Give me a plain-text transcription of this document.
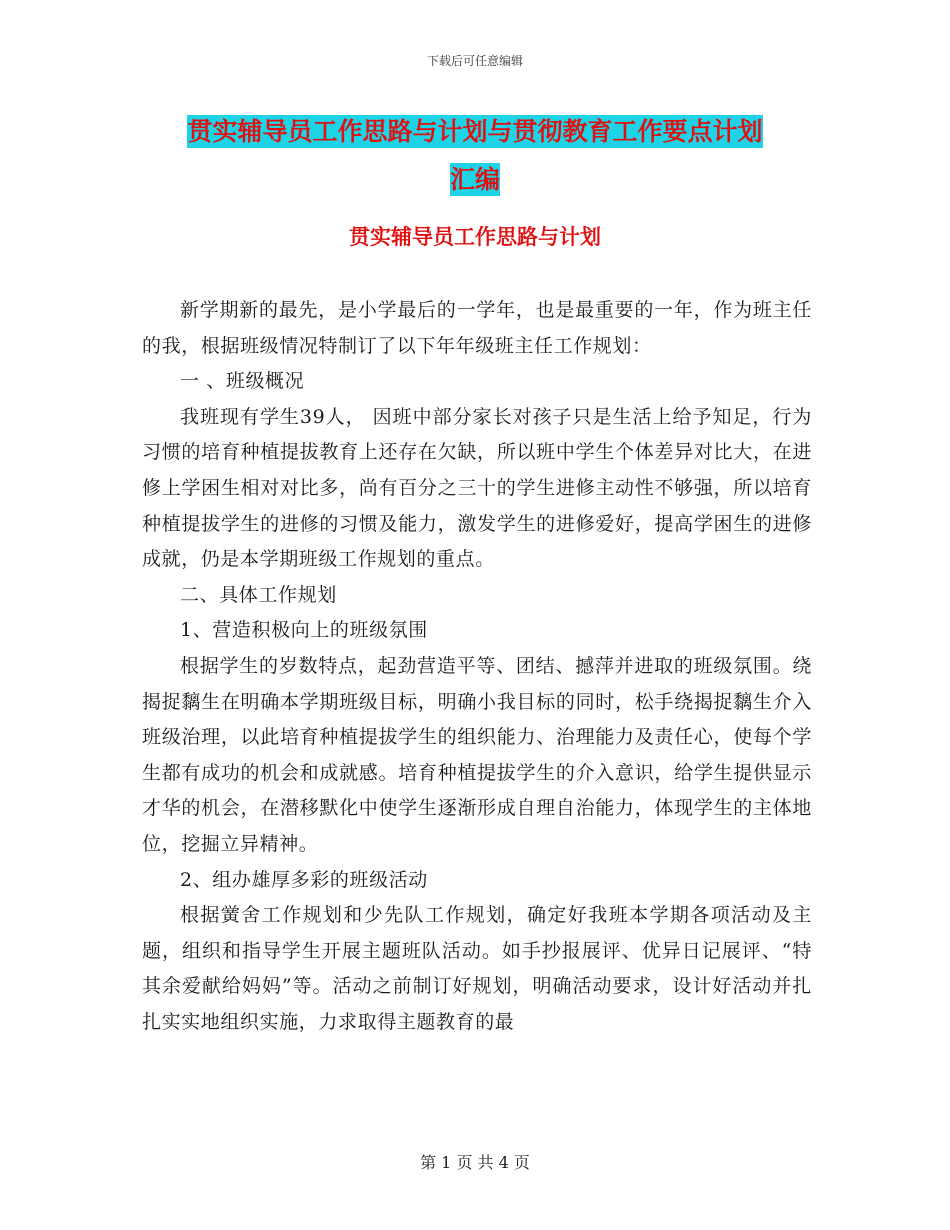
下载后可任意编辑
贯实辅导员工作思路与计划与贯彻教育工作要点计划
汇编
贯实辅导员工作思路与计划

新学期新的最先，是小学最后的一学年，也是最重要的一年，作为班主任的我，根据班级情况特制订了以下年年级班主任工作规划：

一 、班级概况

我班现有学生39人， 因班中部分家长对孩子只是生活上给予知足，行为习惯的培育种植提拔教育上还存在欠缺，所以班中学生个体差异对比大，在进修上学困生相对对比多，尚有百分之三十的学生进修主动性不够强，所以培育种植提拔学生的进修的习惯及能力，激发学生的进修爱好，提高学困生的进修成就，仍是本学期班级工作规划的重点。

二、具体工作规划

1、营造积极向上的班级氛围

根据学生的岁数特点，起劲营造平等、团结、撼萍并进取的班级氛围。绕揭捉黐生在明确本学期班级目标，明确小我目标的同时，松手绕揭捉黐生介入班级治理，以此培育种植提拔学生的组织能力、治理能力及责任心，使每个学生都有成功的机会和成就感。培育种植提拔学生的介入意识，给学生提供显示才华的机会，在潜移默化中使学生逐渐形成自理自治能力，体现学生的主体地位，挖掘立异精神。

2、组办雄厚多彩的班级活动

根据黉舍工作规划和少先队工作规划，确定好我班本学期各项活动及主题，组织和指导学生开展主题班队活动。如手抄报展评、优异日记展评、“特其余爱献给妈妈”等。活动之前制订好规划，明确活动要求，设计好活动并扎扎实实地组织实施，力求取得主题教育的最

第 1 页 共 4 页
